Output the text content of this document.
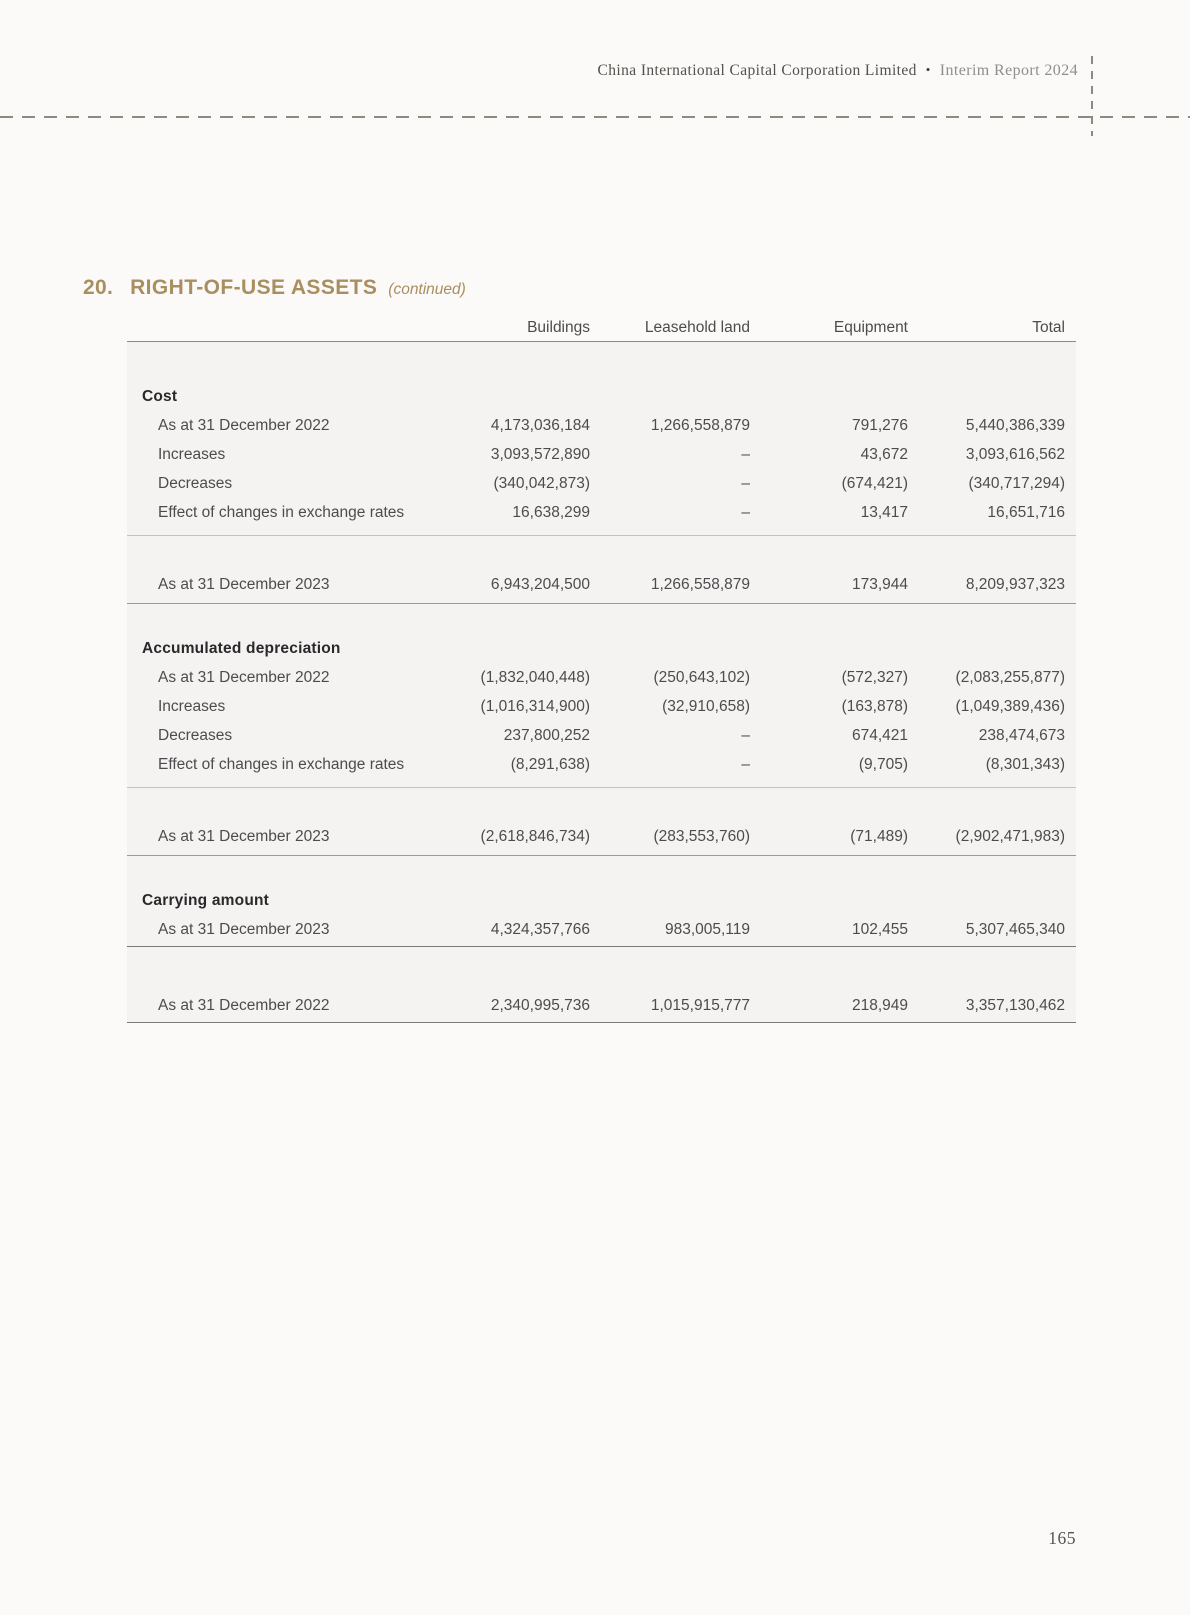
China International Capital Corporation Limited • Interim Report 2024
20. RIGHT-OF-USE ASSETS (continued)
Buildings	Leasehold land	Equipment	Total
Cost
As at 31 December 2022	4,173,036,184	1,266,558,879	791,276	5,440,386,339
Increases	3,093,572,890	–	43,672	3,093,616,562
Decreases	(340,042,873)	–	(674,421)	(340,717,294)
Effect of changes in exchange rates	16,638,299	–	13,417	16,651,716
As at 31 December 2023	6,943,204,500	1,266,558,879	173,944	8,209,937,323
Accumulated depreciation
As at 31 December 2022	(1,832,040,448)	(250,643,102)	(572,327)	(2,083,255,877)
Increases	(1,016,314,900)	(32,910,658)	(163,878)	(1,049,389,436)
Decreases	237,800,252	–	674,421	238,474,673
Effect of changes in exchange rates	(8,291,638)	–	(9,705)	(8,301,343)
As at 31 December 2023	(2,618,846,734)	(283,553,760)	(71,489)	(2,902,471,983)
Carrying amount
As at 31 December 2023	4,324,357,766	983,005,119	102,455	5,307,465,340
As at 31 December 2022	2,340,995,736	1,015,915,777	218,949	3,357,130,462
165
